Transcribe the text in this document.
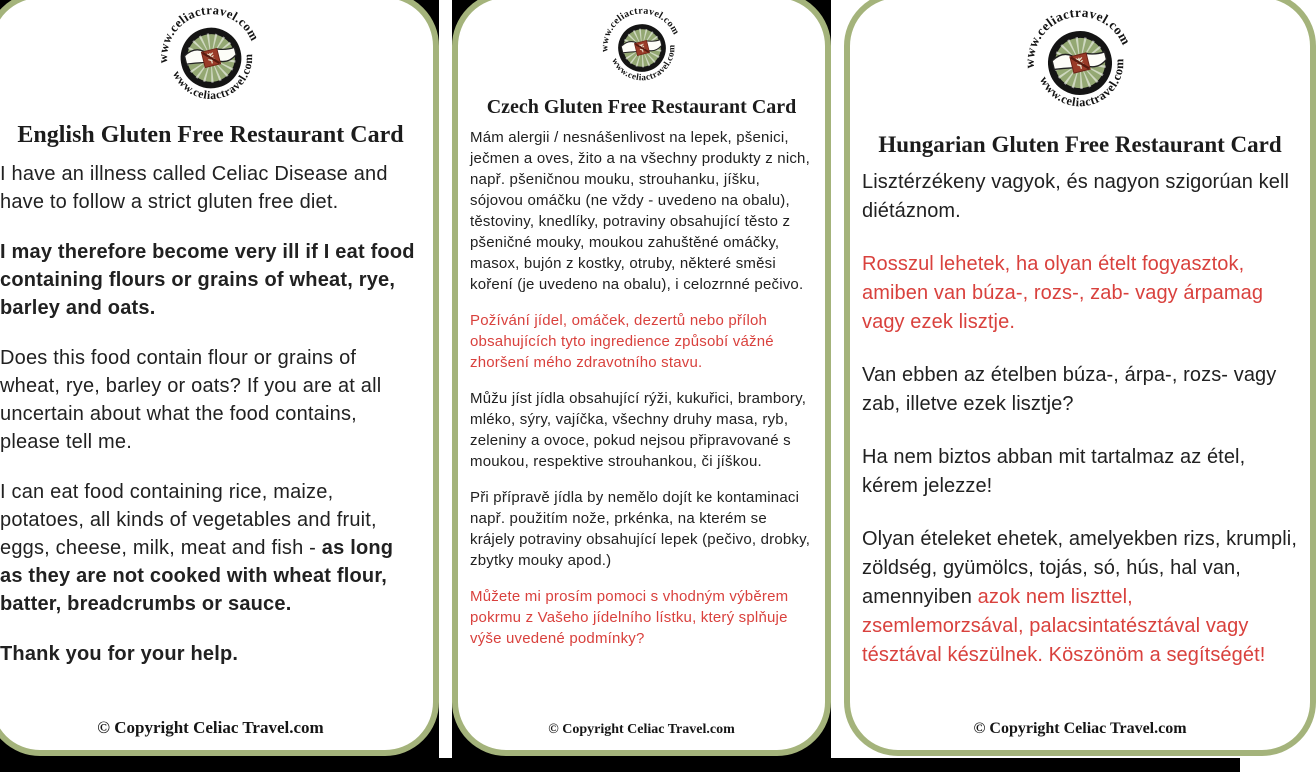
www.celiactravel.com
www.celiactravel.com
English Gluten Free Restaurant Card

I have an illness called Celiac Disease and have to follow a strict gluten free diet.

I may therefore become very ill if I eat food containing flours or grains of wheat, rye, barley and oats.

Does this food contain flour or grains of wheat, rye, barley or oats? If you are at all uncertain about what the food contains, please tell me.

I can eat food containing rice, maize, potatoes, all kinds of vegetables and fruit, eggs, cheese, milk, meat and fish - as long as they are not cooked with wheat flour, batter, breadcrumbs or sauce.

Thank you for your help.

© Copyright Celiac Travel.com
www.celiactravel.com
www.celiactravel.com
Czech Gluten Free Restaurant Card

Mám alergii / nesnášenlivost na lepek, pšenici, ječmen a oves, žito a na všechny produkty z nich, např. pšeničnou mouku, strouhanku, jíšku, sójovou omáčku (ne vždy - uvedeno na obalu), těstoviny, knedlíky, potraviny obsahující těsto z pšeničné mouky, moukou zahuštěné omáčky, masox, bujón z kostky, otruby, některé směsi koření (je uvedeno na obalu), i celozrnné pečivo.

Požívání jídel, omáček, dezertů nebo příloh obsahujících tyto ingredience způsobí vážné zhoršení mého zdravotního stavu.

Můžu jíst jídla obsahující rýži, kukuřici, brambory, mléko, sýry, vajíčka, všechny druhy masa, ryb, zeleniny a ovoce, pokud nejsou připravované s moukou, respektive strouhankou, či jíškou.

Při přípravě jídla by nemělo dojít ke kontaminaci např. použitím nože, prkénka, na kterém se krájely potraviny obsahující lepek (pečivo, drobky, zbytky mouky apod.)

Můžete mi prosím pomoci s vhodným výběrem pokrmu z Vašeho jídelního lístku, který splňuje výše uvedené podmínky?

© Copyright Celiac Travel.com
www.celiactravel.com
www.celiactravel.com
Hungarian Gluten Free Restaurant Card

Lisztérzékeny vagyok, és nagyon szigorúan kell diétáznom.

Rosszul lehetek, ha olyan ételt fogyasztok, amiben van búza-, rozs-, zab- vagy árpamag vagy ezek lisztje.

Van ebben az ételben búza-, árpa-, rozs- vagy zab, illetve ezek lisztje?

Ha nem biztos abban mit tartalmaz az étel, kérem jelezze!

Olyan ételeket ehetek, amelyekben rizs, krumpli, zöldség, gyümölcs, tojás, só, hús, hal van, amennyiben azok nem liszttel, zsemlemorzsával, palacsintatésztával vagy tésztával készülnek. Köszönöm a segítségét!

© Copyright Celiac Travel.com
